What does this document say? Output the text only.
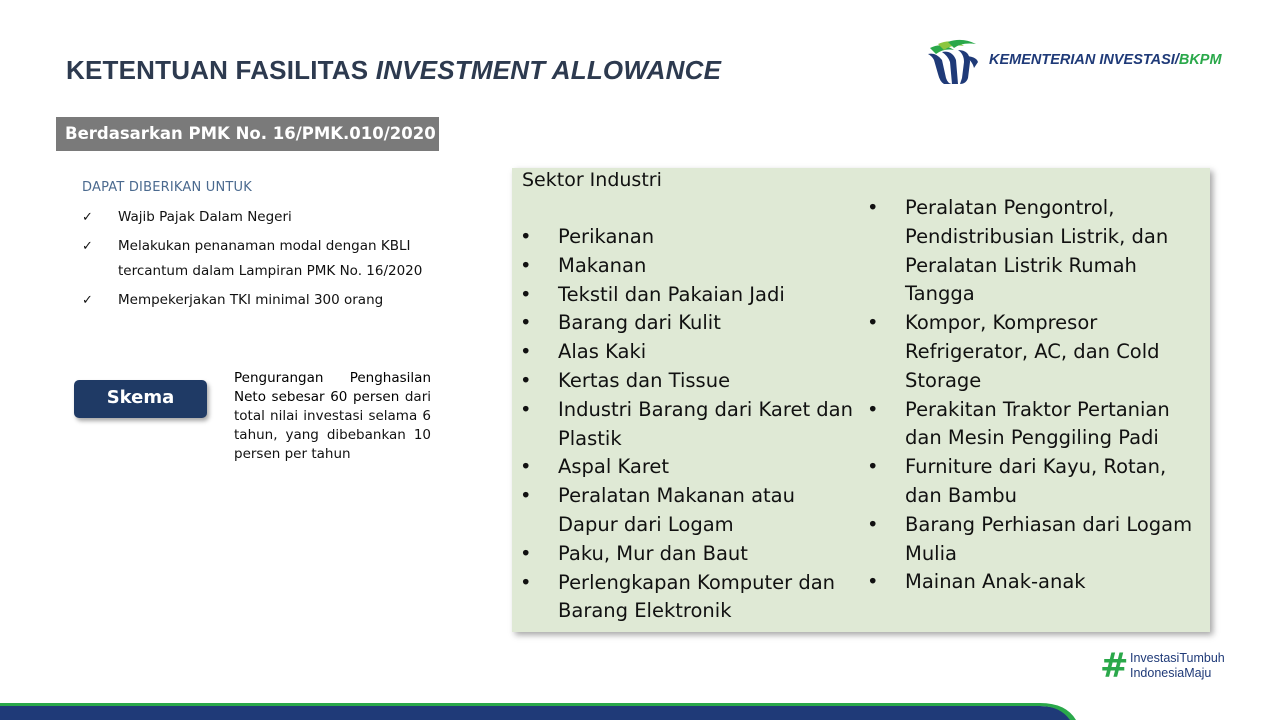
KETENTUAN FASILITAS INVESTMENT ALLOWANCE	KEMENTERIAN INVESTASI/BKPM
Berdasarkan PMK No. 16/PMK.010/2020
DAPAT DIBERIKAN UNTUK
✓ Wajib Pajak Dalam Negeri
✓ Melakukan penanaman modal dengan KBLI tercantum dalam Lampiran PMK No. 16/2020
✓ Mempekerjakan TKI minimal 300 orang
Skema
Pengurangan Penghasilan Neto sebesar 60 persen dari total nilai investasi selama 6 tahun, yang dibebankan 10 persen per tahun
Sektor Industri
• Perikanan
• Makanan
• Tekstil dan Pakaian Jadi
• Barang dari Kulit
• Alas Kaki
• Kertas dan Tissue
• Industri Barang dari Karet dan Plastik
• Aspal Karet
• Peralatan Makanan atau Dapur dari Logam
• Paku, Mur dan Baut
• Perlengkapan Komputer dan Barang Elektronik
• Peralatan Pengontrol, Pendistribusian Listrik, dan Peralatan Listrik Rumah Tangga
• Kompor, Kompresor Refrigerator, AC, dan Cold Storage
• Perakitan Traktor Pertanian dan Mesin Penggiling Padi
• Furniture dari Kayu, Rotan, dan Bambu
• Barang Perhiasan dari Logam Mulia
• Mainan Anak-anak
# InvestasiTumbuh
IndonesiaMaju
